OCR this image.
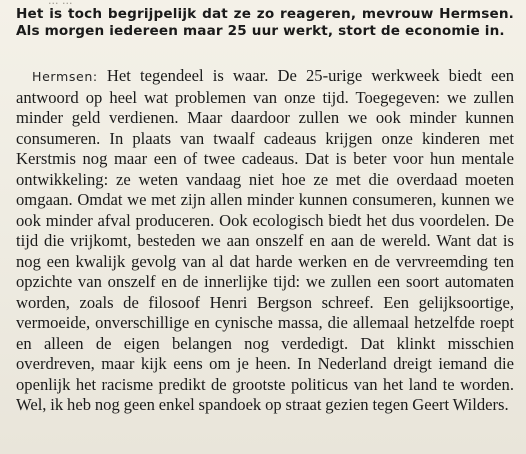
Het is toch begrijpelijk dat ze zo reageren, mevrouw Hermsen. Als morgen iedereen maar 25 uur werkt, stort de economie in.

Hermsen: Het tegendeel is waar. De 25-urige werkweek biedt een antwoord op heel wat problemen van onze tijd. Toegegeven: we zullen minder geld verdienen. Maar daardoor zullen we ook minder kunnen consumeren. In plaats van twaalf cadeaus krijgen onze kinderen met Kerstmis nog maar een of twee cadeaus. Dat is beter voor hun mentale ontwikkeling: ze weten vandaag niet hoe ze met die overdaad moeten omgaan. Omdat we met zijn allen minder kunnen consumeren, kunnen we ook minder afval produceren. Ook ecologisch biedt het dus voordelen. De tijd die vrijkomt, besteden we aan onszelf en aan de wereld. Want dat is nog een kwalijk gevolg van al dat harde werken en de vervreemding ten opzichte van onszelf en de innerlijke tijd: we zullen een soort automaten worden, zoals de filosoof Henri Bergson schreef. Een gelijksoortige, vermoeide, onverschillige en cynische massa, die allemaal hetzelfde roept en alleen de eigen belangen nog verdedigt. Dat klinkt misschien overdreven, maar kijk eens om je heen. In Nederland dreigt iemand die openlijk het racisme predikt de grootste politicus van het land te worden. Wel, ik heb nog geen enkel spandoek op straat gezien tegen Geert Wilders.
